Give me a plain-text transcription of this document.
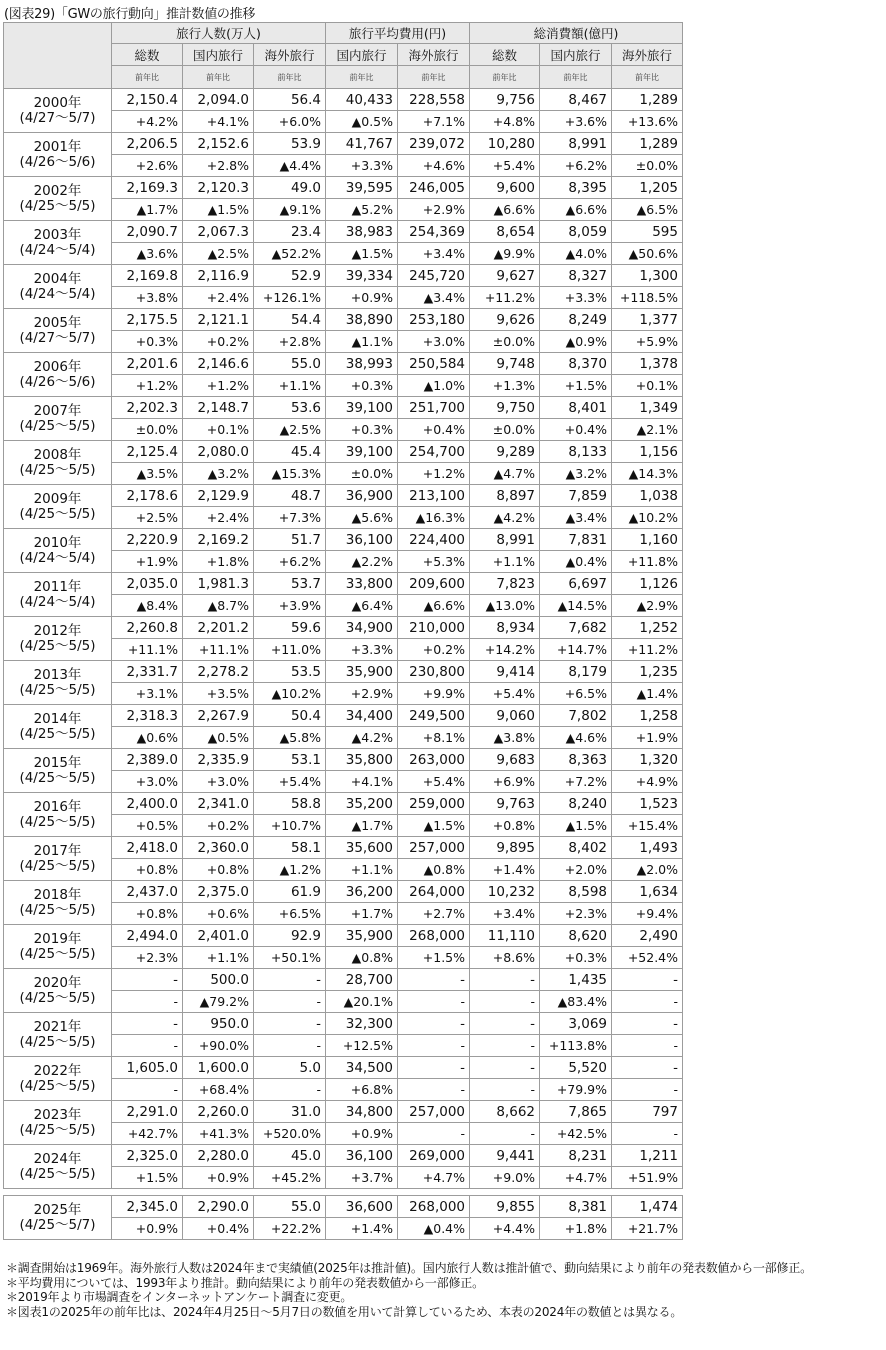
(図表29)「GWの旅行動向」推計数値の推移
	旅行人数(万人)			旅行平均費用(円)		総消費額(億円)		
	総数	国内旅行	海外旅行	国内旅行	海外旅行	総数	国内旅行	海外旅行
	前年比	前年比	前年比	前年比	前年比	前年比	前年比	前年比

2000年
(4/27～5/7)	2,150.4	2,094.0	56.4	40,433	228,558	9,756	8,467	1,289
	+4.2%	+4.1%	+6.0%	▲0.5%	+7.1%	+4.8%	+3.6%	+13.6%

2001年
(4/26～5/6)	2,206.5	2,152.6	53.9	41,767	239,072	10,280	8,991	1,289
	+2.6%	+2.8%	▲4.4%	+3.3%	+4.6%	+5.4%	+6.2%	±0.0%

2002年
(4/25～5/5)	2,169.3	2,120.3	49.0	39,595	246,005	9,600	8,395	1,205
	▲1.7%	▲1.5%	▲9.1%	▲5.2%	+2.9%	▲6.6%	▲6.6%	▲6.5%

2003年
(4/24～5/4)	2,090.7	2,067.3	23.4	38,983	254,369	8,654	8,059	595
	▲3.6%	▲2.5%	▲52.2%	▲1.5%	+3.4%	▲9.9%	▲4.0%	▲50.6%

2004年
(4/24～5/4)	2,169.8	2,116.9	52.9	39,334	245,720	9,627	8,327	1,300
	+3.8%	+2.4%	+126.1%	+0.9%	▲3.4%	+11.2%	+3.3%	+118.5%

2005年
(4/27～5/7)	2,175.5	2,121.1	54.4	38,890	253,180	9,626	8,249	1,377
	+0.3%	+0.2%	+2.8%	▲1.1%	+3.0%	±0.0%	▲0.9%	+5.9%

2006年
(4/26～5/6)	2,201.6	2,146.6	55.0	38,993	250,584	9,748	8,370	1,378
	+1.2%	+1.2%	+1.1%	+0.3%	▲1.0%	+1.3%	+1.5%	+0.1%

2007年
(4/25～5/5)	2,202.3	2,148.7	53.6	39,100	251,700	9,750	8,401	1,349
	±0.0%	+0.1%	▲2.5%	+0.3%	+0.4%	±0.0%	+0.4%	▲2.1%

2008年
(4/25～5/5)	2,125.4	2,080.0	45.4	39,100	254,700	9,289	8,133	1,156
	▲3.5%	▲3.2%	▲15.3%	±0.0%	+1.2%	▲4.7%	▲3.2%	▲14.3%

2009年
(4/25～5/5)	2,178.6	2,129.9	48.7	36,900	213,100	8,897	7,859	1,038
	+2.5%	+2.4%	+7.3%	▲5.6%	▲16.3%	▲4.2%	▲3.4%	▲10.2%

2010年
(4/24～5/4)	2,220.9	2,169.2	51.7	36,100	224,400	8,991	7,831	1,160
	+1.9%	+1.8%	+6.2%	▲2.2%	+5.3%	+1.1%	▲0.4%	+11.8%

2011年
(4/24～5/4)	2,035.0	1,981.3	53.7	33,800	209,600	7,823	6,697	1,126
	▲8.4%	▲8.7%	+3.9%	▲6.4%	▲6.6%	▲13.0%	▲14.5%	▲2.9%

2012年
(4/25～5/5)	2,260.8	2,201.2	59.6	34,900	210,000	8,934	7,682	1,252
	+11.1%	+11.1%	+11.0%	+3.3%	+0.2%	+14.2%	+14.7%	+11.2%

2013年
(4/25～5/5)	2,331.7	2,278.2	53.5	35,900	230,800	9,414	8,179	1,235
	+3.1%	+3.5%	▲10.2%	+2.9%	+9.9%	+5.4%	+6.5%	▲1.4%

2014年
(4/25～5/5)	2,318.3	2,267.9	50.4	34,400	249,500	9,060	7,802	1,258
	▲0.6%	▲0.5%	▲5.8%	▲4.2%	+8.1%	▲3.8%	▲4.6%	+1.9%

2015年
(4/25～5/5)	2,389.0	2,335.9	53.1	35,800	263,000	9,683	8,363	1,320
	+3.0%	+3.0%	+5.4%	+4.1%	+5.4%	+6.9%	+7.2%	+4.9%

2016年
(4/25～5/5)	2,400.0	2,341.0	58.8	35,200	259,000	9,763	8,240	1,523
	+0.5%	+0.2%	+10.7%	▲1.7%	▲1.5%	+0.8%	▲1.5%	+15.4%

2017年
(4/25～5/5)	2,418.0	2,360.0	58.1	35,600	257,000	9,895	8,402	1,493
	+0.8%	+0.8%	▲1.2%	+1.1%	▲0.8%	+1.4%	+2.0%	▲2.0%

2018年
(4/25～5/5)	2,437.0	2,375.0	61.9	36,200	264,000	10,232	8,598	1,634
	+0.8%	+0.6%	+6.5%	+1.7%	+2.7%	+3.4%	+2.3%	+9.4%

2019年
(4/25～5/5)	2,494.0	2,401.0	92.9	35,900	268,000	11,110	8,620	2,490
	+2.3%	+1.1%	+50.1%	▲0.8%	+1.5%	+8.6%	+0.3%	+52.4%

2020年
(4/25～5/5)	-	500.0	-	28,700	-	-	1,435	-
	-	▲79.2%	-	▲20.1%	-	-	▲83.4%	-

2021年
(4/25～5/5)	-	950.0	-	32,300	-	-	3,069	-
	-	+90.0%	-	+12.5%	-	-	+113.8%	-

2022年
(4/25～5/5)	1,605.0	1,600.0	5.0	34,500	-	-	5,520	-
	-	+68.4%	-	+6.8%	-	-	+79.9%	-

2023年
(4/25～5/5)	2,291.0	2,260.0	31.0	34,800	257,000	8,662	7,865	797
	+42.7%	+41.3%	+520.0%	+0.9%	-	-	+42.5%	-

2024年
(4/25～5/5)	2,325.0	2,280.0	45.0	36,100	269,000	9,441	8,231	1,211
	+1.5%	+0.9%	+45.2%	+3.7%	+4.7%	+9.0%	+4.7%	+51.9%

2025年
(4/25～5/7)	2,345.0	2,290.0	55.0	36,600	268,000	9,855	8,381	1,474
	+0.9%	+0.4%	+22.2%	+1.4%	▲0.4%	+4.4%	+1.8%	+21.7%
＊調査開始は1969年。海外旅行人数は2024年まで実績値(2025年は推計値)。国内旅行人数は推計値で、動向結果により前年の発表数値から一部修正。
＊平均費用については、1993年より推計。動向結果により前年の発表数値から一部修正。
＊2019年より市場調査をインターネットアンケート調査に変更。
＊図表1の2025年の前年比は、2024年4月25日～5月7日の数値を用いて計算しているため、本表の2024年の数値とは異なる。
